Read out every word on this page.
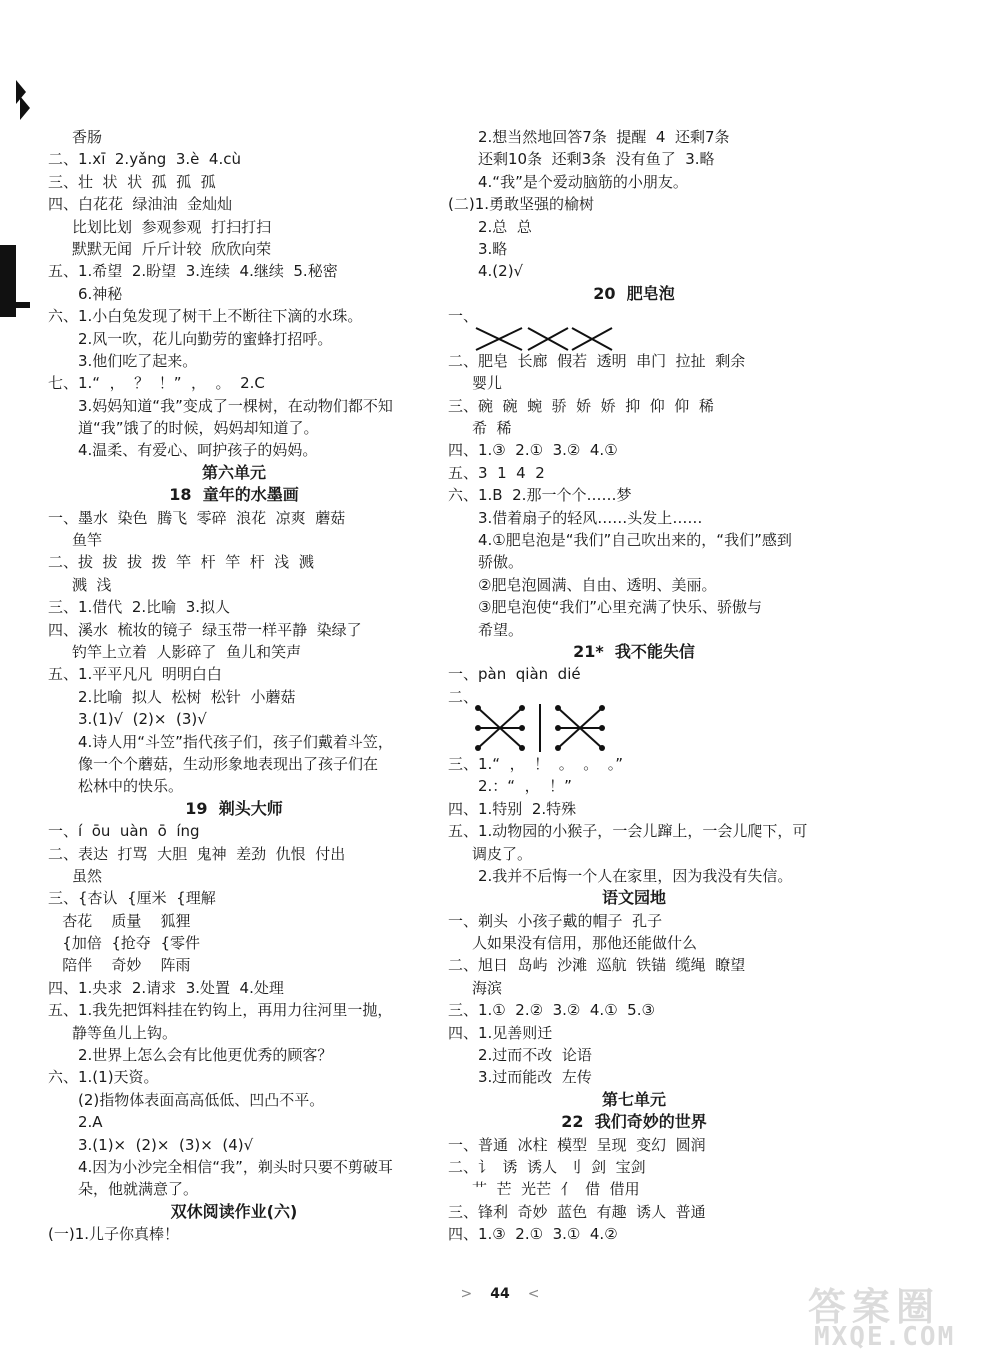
香肠
二、1.xī  2.yǎng  3.è  4.cù
三、壮  状  状  孤  孤  孤
四、白花花  绿油油  金灿灿
比划比划  参观参观  打扫打扫
默默无闻  斤斤计较  欣欣向荣
五、1.希望  2.盼望  3.连续  4.继续  5.秘密
6.神秘
六、1.小白兔发现了树干上不断往下滴的水珠。
2.风一吹，花儿向勤劳的蜜蜂打招呼。
3.他们吃了起来。
七、1.“  ，  ？  ！”  ，  。  2.C
3.妈妈知道“我”变成了一棵树，在动物们都不知
道“我”饿了的时候，妈妈却知道了。
4.温柔、有爱心、呵护孩子的妈妈。
第六单元
18  童年的水墨画
一、墨水  染色  腾飞  零碎  浪花  凉爽  蘑菇
鱼竿
二、拔  拔  拔  拨  竿  杆  竿  杆  浅  溅
溅  浅
三、1.借代  2.比喻  3.拟人
四、溪水  梳妆的镜子  绿玉带一样平静  染绿了
钓竿上立着  人影碎了  鱼儿和笑声
五、1.平平凡凡  明明白白
2.比喻  拟人  松树  松针  小蘑菇
3.(1)√  (2)×  (3)√
4.诗人用“斗笠”指代孩子们，孩子们戴着斗笠，
像一个个蘑菇，生动形象地表现出了孩子们在
松林中的快乐。
19  剃头大师
一、í  ōu  uàn  ō  íng
二、表达  打骂  大胆  鬼神  差劲  仇恨  付出
虽然
三、{杏认  {厘米  {理解
杏花    质量    狐狸
{加倍  {抢夺  {零件
陪伴    奇妙    阵雨
四、1.央求  2.请求  3.处置  4.处理
五、1.我先把饵料挂在钓钩上，再用力往河里一抛，
静等鱼儿上钩。
2.世界上怎么会有比他更优秀的顾客？
六、1.(1)天资。
(2)指物体表面高高低低、凹凸不平。
2.A
3.(1)×  (2)×  (3)×  (4)√
4.因为小沙完全相信“我”，剃头时只要不剪破耳
朵，他就满意了。
双休阅读作业(六)
(一)1.儿子你真棒！
2.想当然地回答7条  提醒  4  还剩7条
还剩10条  还剩3条  没有鱼了  3.略
4.“我”是个爱动脑筋的小朋友。
(二)1.勇敢坚强的榆树
2.总  总
3.略
4.(2)√
20  肥皂泡
一、
二、肥皂  长廊  假若  透明  串门  拉扯  剩余
婴儿
三、碗  碗  蜿  骄  娇  娇  抑  仰  仰  稀
希  稀
四、1.③  2.①  3.②  4.①
五、3  1  4  2
六、1.B  2.那一个个……梦
3.借着扇子的轻风……头发上……
4.①肥皂泡是“我们”自己吹出来的，“我们”感到
骄傲。
②肥皂泡圆满、自由、透明、美丽。
③肥皂泡使“我们”心里充满了快乐、骄傲与
希望。
21*  我不能失信
一、pàn  qiàn  dié
二、
三、1.“  ，  ！  。  。  。”
2.：“  ，  ！”
四、1.特别  2.特殊
五、1.动物园的小猴子，一会儿蹿上，一会儿爬下，可
调皮了。
2.我并不后悔一个人在家里，因为我没有失信。
语文园地
一、剃头  小孩子戴的帽子  孔子
人如果没有信用，那他还能做什么
二、旭日  岛屿  沙滩  巡航  铁锚  缆绳  瞭望
海滨
三、1.①  2.②  3.②  4.①  5.③
四、1.见善则迁
2.过而不改  论语
3.过而能改  左传
第七单元
22  我们奇妙的世界
一、普通  冰柱  模型  呈现  变幻  圆润
二、讠  诱  诱人  刂  剑  宝剑
艹  芒  光芒  亻  借  借用
三、锋利  奇妙  蓝色  有趣  诱人  普通
四、1.③  2.①  3.①  4.②
> 44 <	答案圈
MXQE.COM
